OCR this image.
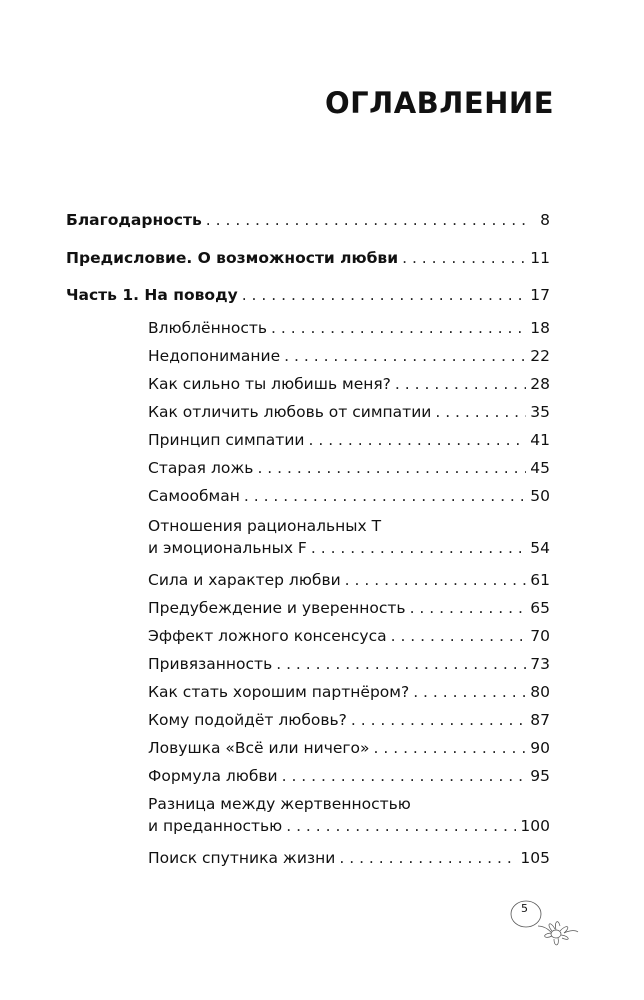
ОГЛАВЛЕНИЕ
Благодарность . . .	8
Предисловие. О возможности любви . . .	11
Часть 1. На поводу . . .	17
Влюблённость . . .	18
Недопонимание . . .	22
Как сильно ты любишь меня? . . .	28
Как отличить любовь от симпатии . . .	35
Принцип симпатии . . .	41
Старая ложь . . .	45
Самообман . . .	50
Отношения рациональных T
и эмоциональных F . . .	54
Сила и характер любви . . .	61
Предубеждение и уверенность . . .	65
Эффект ложного консенсуса . . .	70
Привязанность . . .	73
Как стать хорошим партнёром? . . .	80
Кому подойдёт любовь? . . .	87
Ловушка «Всё или ничего» . . .	90
Формула любви . . .	95
Разница между жертвенностью
и преданностью . . .	100
Поиск спутника жизни . . .	105
5
